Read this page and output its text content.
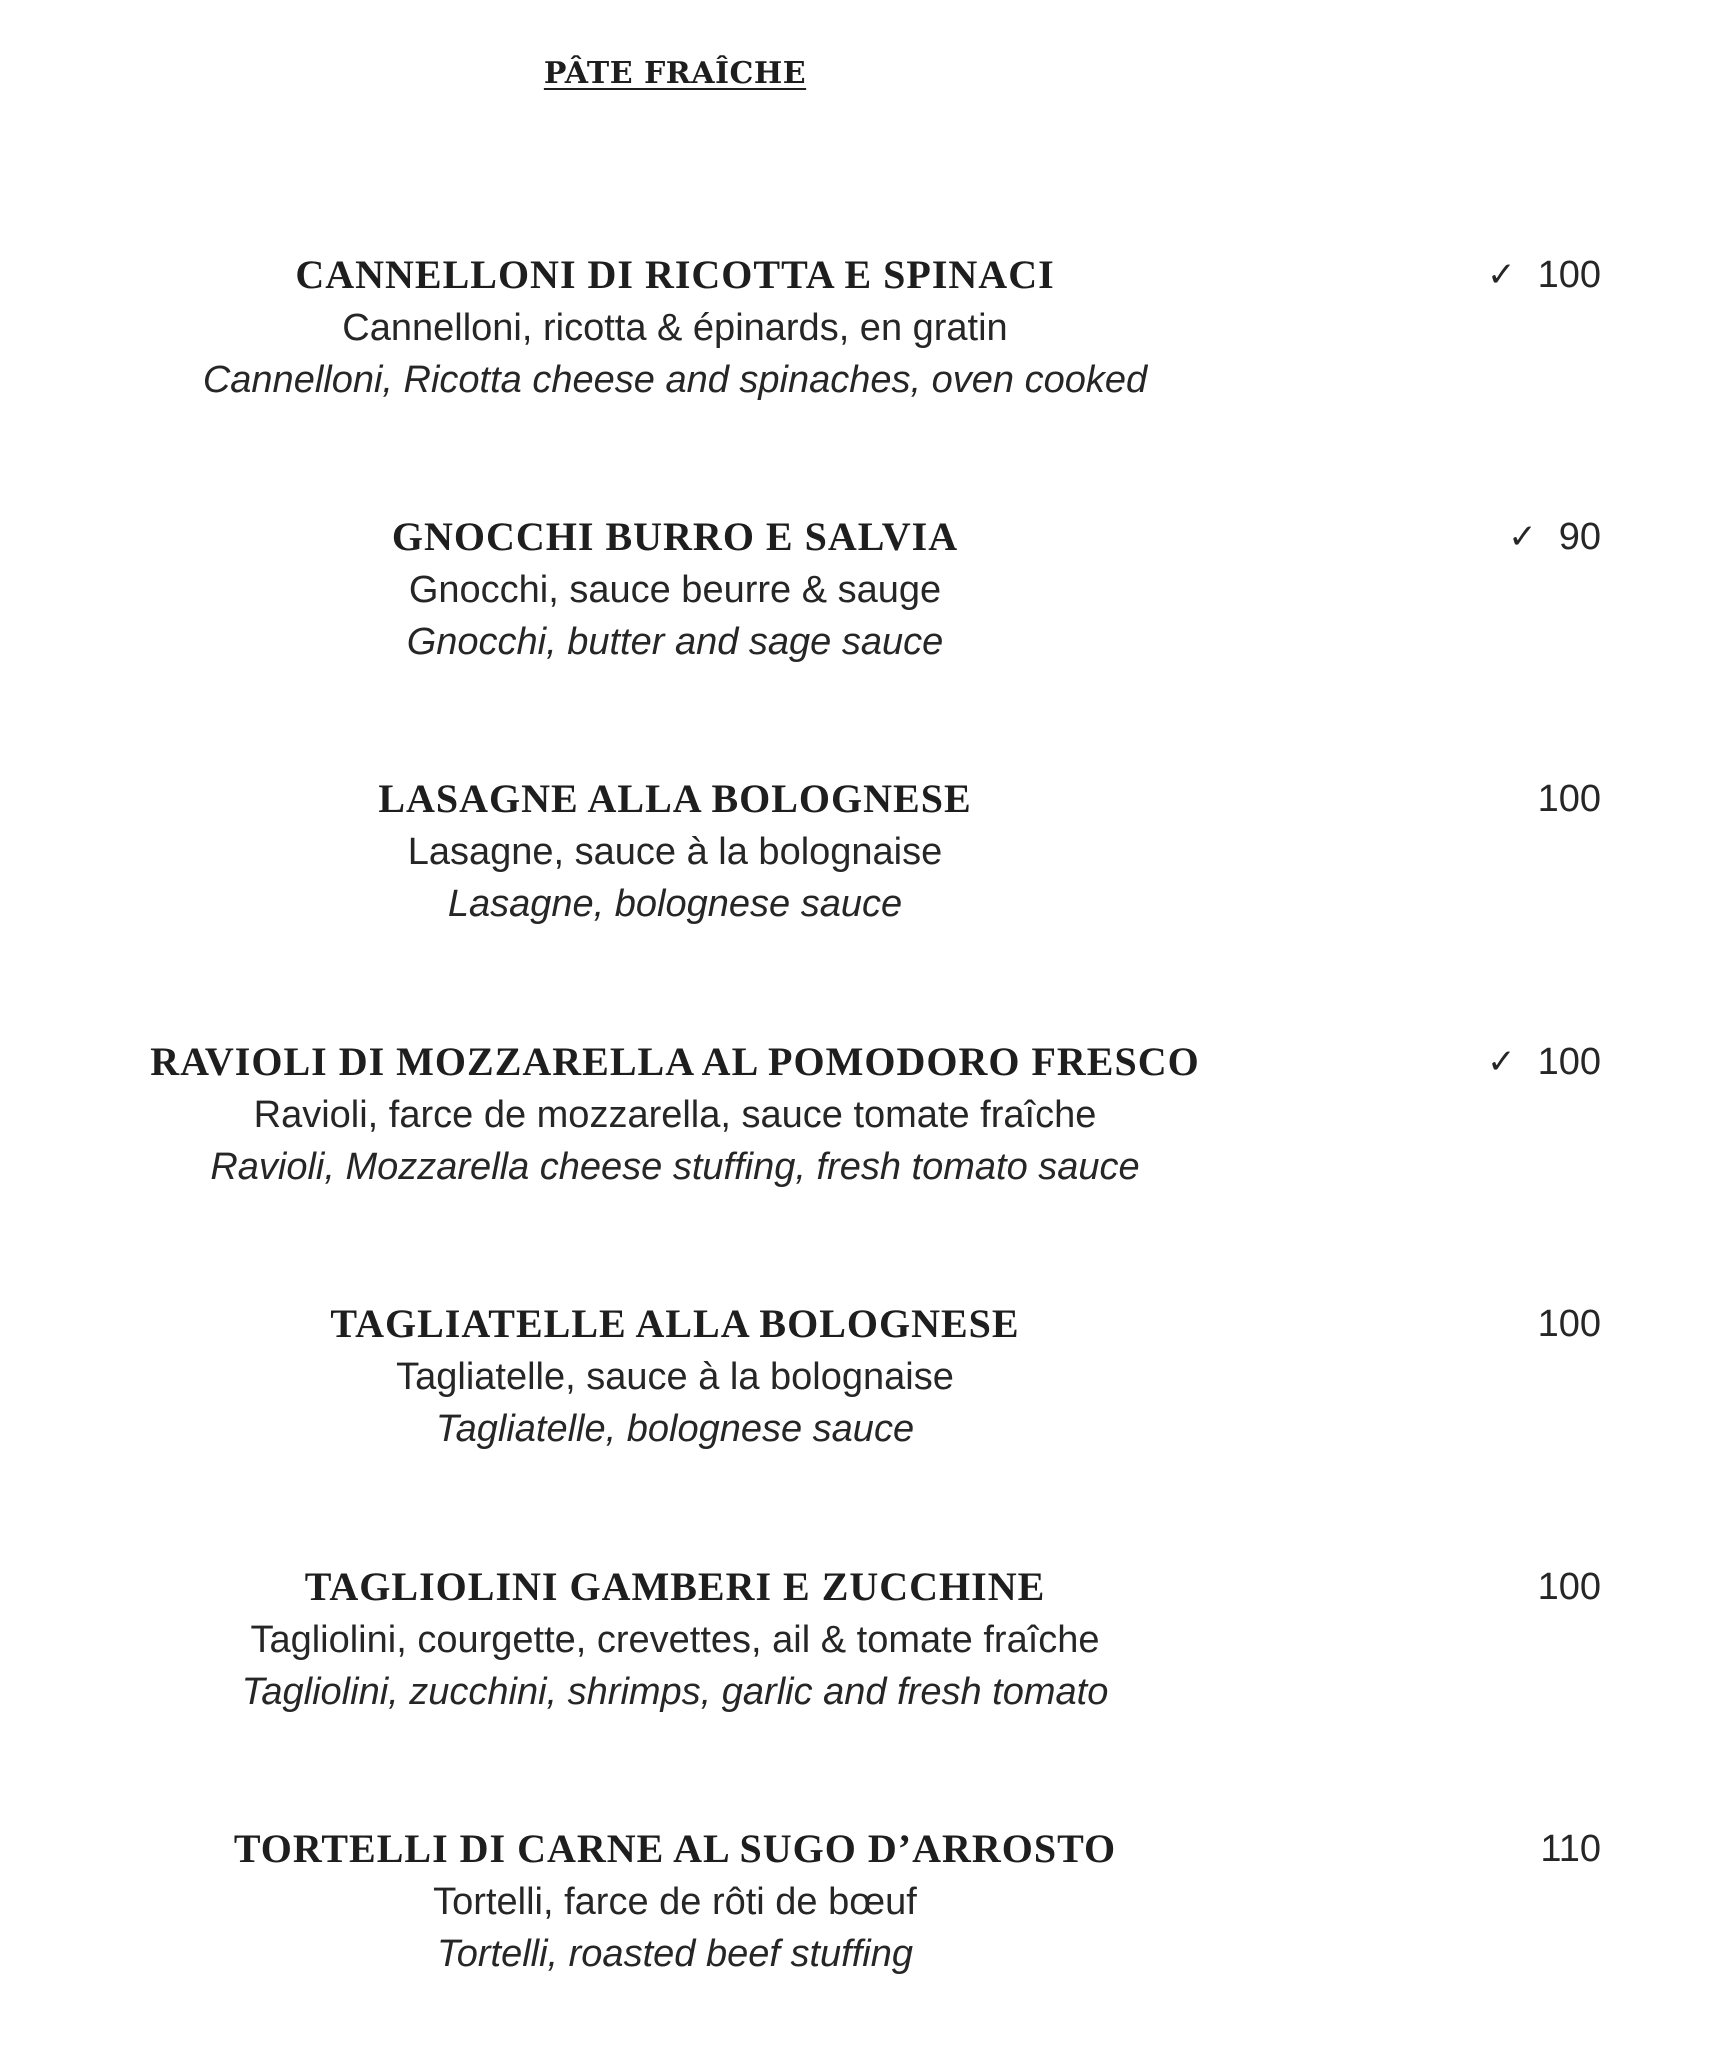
PÂTE FRAÎCHE

CANNELLONI DI RICOTTA E SPINACI

Cannelloni, ricotta & épinards, en gratin

Cannelloni, Ricotta cheese and spinaches, oven cooked

✓ 100

GNOCCHI BURRO E SALVIA

Gnocchi, sauce beurre & sauge

Gnocchi, butter and sage sauce

✓ 90

LASAGNE ALLA BOLOGNESE

Lasagne, sauce à la bolognaise

Lasagne, bolognese sauce

100

RAVIOLI DI MOZZARELLA AL POMODORO FRESCO

Ravioli, farce de mozzarella, sauce tomate fraîche

Ravioli, Mozzarella cheese stuffing, fresh tomato sauce

✓ 100

TAGLIATELLE ALLA BOLOGNESE

Tagliatelle, sauce à la bolognaise

Tagliatelle, bolognese sauce

100

TAGLIOLINI GAMBERI E ZUCCHINE

Tagliolini, courgette, crevettes, ail & tomate fraîche

Tagliolini, zucchini, shrimps, garlic and fresh tomato

100

TORTELLI DI CARNE AL SUGO D’ARROSTO

Tortelli, farce de rôti de bœuf

Tortelli, roasted beef stuffing

110
